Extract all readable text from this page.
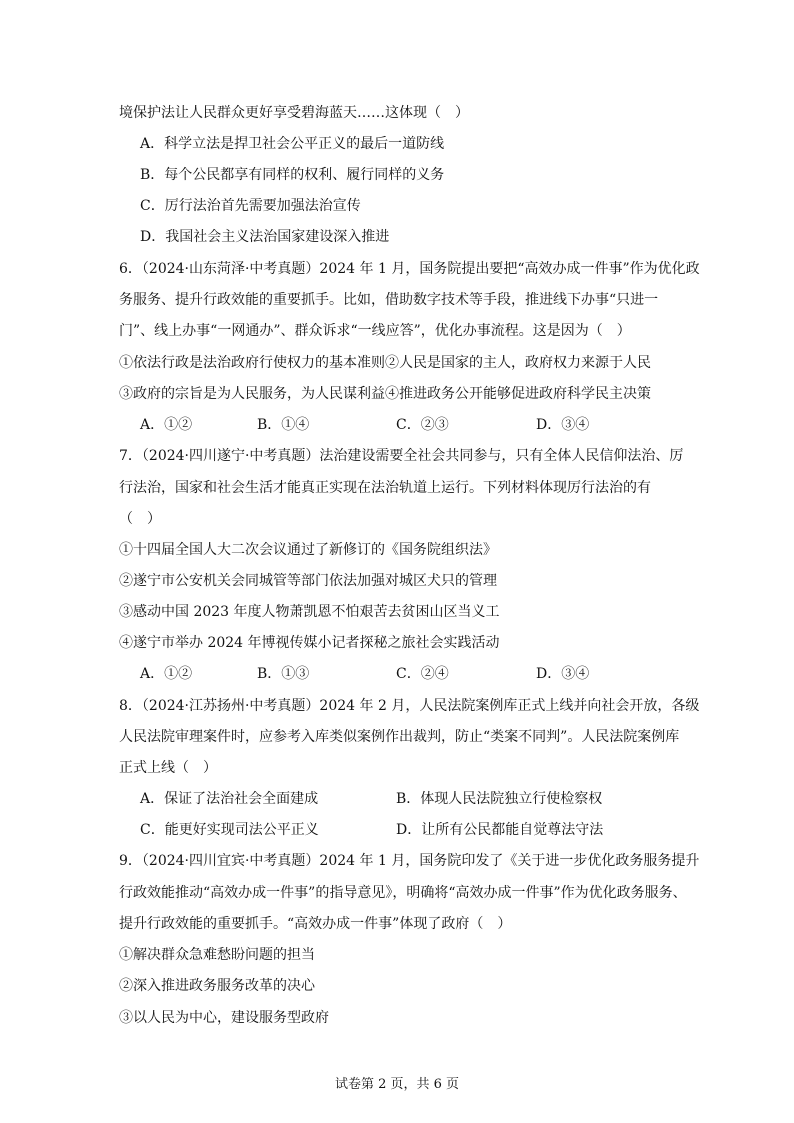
境保护法让人民群众更好享受碧海蓝天……这体现（　）
A．科学立法是捍卫社会公平正义的最后一道防线
B．每个公民都享有同样的权利、履行同样的义务
C．厉行法治首先需要加强法治宣传
D．我国社会主义法治国家建设深入推进
6．（2024·山东菏泽·中考真题）2024 年 1 月，国务院提出要把“高效办成一件事”作为优化政
务服务、提升行政效能的重要抓手。比如，借助数字技术等手段，推进线下办事“只进一
门”、线上办事“一网通办”、群众诉求“一线应答”，优化办事流程。这是因为（　）
①依法行政是法治政府行使权力的基本准则②人民是国家的主人，政府权力来源于人民
③政府的宗旨是为人民服务，为人民谋利益④推进政务公开能够促进政府科学民主决策
A．①②	B．①④	C．②③	D．③④
7．（2024·四川遂宁·中考真题）法治建设需要全社会共同参与，只有全体人民信仰法治、厉
行法治，国家和社会生活才能真正实现在法治轨道上运行。下列材料体现厉行法治的有
（　）
①十四届全国人大二次会议通过了新修订的《国务院组织法》
②遂宁市公安机关会同城管等部门依法加强对城区犬只的管理
③感动中国 2023 年度人物萧凯恩不怕艰苦去贫困山区当义工
④遂宁市举办 2024 年博视传媒小记者探秘之旅社会实践活动
A．①②	B．①③	C．②④	D．③④
8．（2024·江苏扬州·中考真题）2024 年 2 月，人民法院案例库正式上线并向社会开放，各级
人民法院审理案件时，应参考入库类似案例作出裁判，防止“类案不同判”。人民法院案例库
正式上线（　）
A．保证了法治社会全面建成	B．体现人民法院独立行使检察权
C．能更好实现司法公平正义	D．让所有公民都能自觉尊法守法
9．（2024·四川宜宾·中考真题）2024 年 1 月，国务院印发了《关于进一步优化政务服务提升
行政效能推动“高效办成一件事”的指导意见》，明确将“高效办成一件事”作为优化政务服务、
提升行政效能的重要抓手。“高效办成一件事”体现了政府（　）
①解决群众急难愁盼问题的担当
②深入推进政务服务改革的决心
③以人民为中心，建设服务型政府
试卷第 2 页，共 6 页
